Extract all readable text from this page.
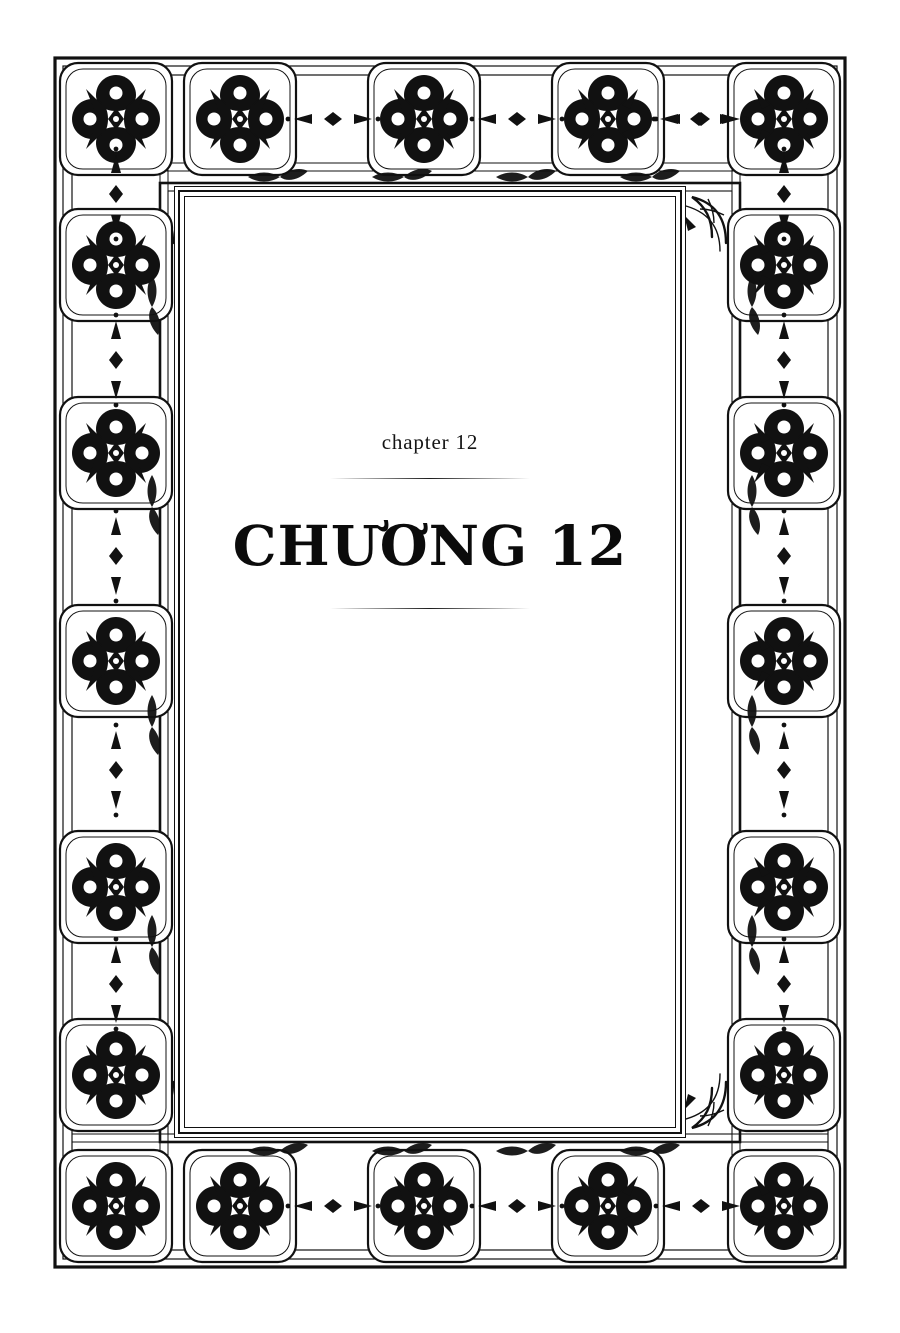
chapter 12

CHƯƠNG 12
